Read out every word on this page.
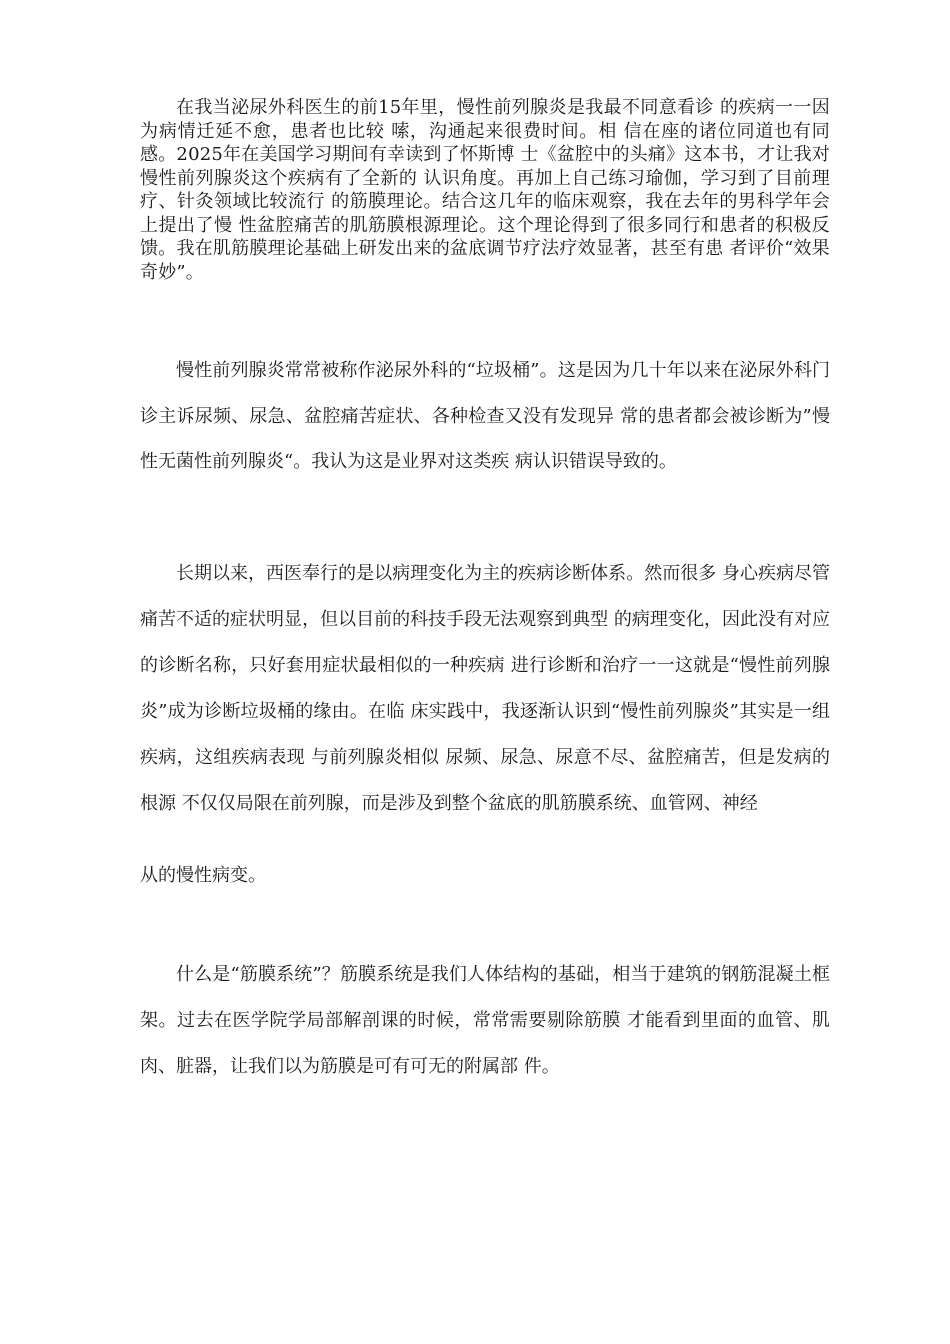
在我当泌尿外科医生的前15年里，慢性前列腺炎是我最不同意看诊 的疾病一一因为病情迁延不愈，患者也比较 嗦，沟通起来很费时间。相 信在座的诸位同道也有同感。2025年在美国学习期间有幸读到了怀斯博 士《盆腔中的头痛》这本书，才让我对慢性前列腺炎这个疾病有了全新的 认识角度。再加上自己练习瑜伽，学习到了目前理疗、针灸领域比较流行 的筋膜理论。结合这几年的临床观察，我在去年的男科学年会上提出了慢 性盆腔痛苦的肌筋膜根源理论。这个理论得到了很多同行和患者的积极反 馈。我在肌筋膜理论基础上研发出来的盆底调节疗法疗效显著，甚至有患 者评价“效果奇妙”。

慢性前列腺炎常常被称作泌尿外科的“垃圾桶”。这是因为几十年以来在泌尿外科门诊主诉尿频、尿急、盆腔痛苦症状、各种检查又没有发现异 常的患者都会被诊断为”慢性无菌性前列腺炎“。我认为这是业界对这类疾 病认识错误导致的。

长期以来，西医奉行的是以病理变化为主的疾病诊断体系。然而很多 身心疾病尽管痛苦不适的症状明显，但以目前的科技手段无法观察到典型 的病理变化，因此没有对应的诊断名称，只好套用症状最相似的一种疾病 进行诊断和治疗一一这就是“慢性前列腺炎”成为诊断垃圾桶的缘由。在临 床实践中，我逐渐认识到“慢性前列腺炎”其实是一组疾病，这组疾病表现 与前列腺炎相似 尿频、尿急、尿意不尽、盆腔痛苦，但是发病的根源 不仅仅局限在前列腺，而是涉及到整个盆底的肌筋膜系统、血管网、神经

从的慢性病变。

什么是“筋膜系统”？筋膜系统是我们人体结构的基础，相当于建筑的钢筋混凝土框架。过去在医学院学局部解剖课的时候，常常需要剔除筋膜 才能看到里面的血管、肌肉、脏器，让我们以为筋膜是可有可无的附属部 件。
